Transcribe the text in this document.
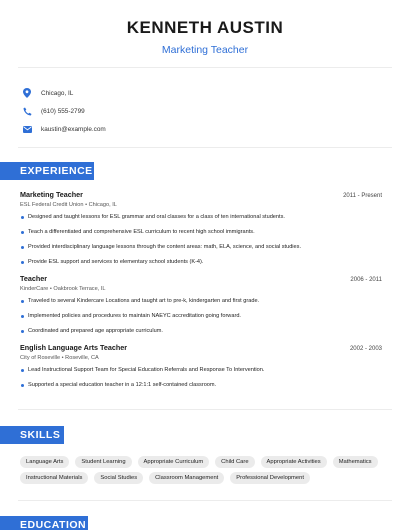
KENNETH AUSTIN
Marketing Teacher
Chicago, IL
(610) 555-2799
kaustin@example.com
EXPERIENCE
Marketing Teacher	2011 - Present
ESL Federal Credit Union • Chicago, IL
Designed and taught lessons for ESL grammar and oral classes for a class of ten international students.
Teach a differentiated and comprehensive ESL curriculum to recent high school immigrants.
Provided interdisciplinary language lessons through the content areas: math, ELA, science, and social studies.
Provide ESL support and services to elementary school students (K-4).
Teacher	2006 - 2011
KinderCare • Oakbrook Terrace, IL
Traveled to several Kindercare Locations and taught art to pre-k, kindergarten and first grade.
Implemented policies and procedures to maintain NAEYC accreditation going forward.
Coordinated and prepared age appropriate curriculum.
English Language Arts Teacher	2002 - 2003
City of Roseville • Roseville, CA
Lead Instructional Support Team for Special Education Referrals and Response To Intervention.
Supported a special education teacher in a 12:1:1 self-contained classroom.
SKILLS
Language Arts	Student Learning	Appropriate Curriculum	Child Care	Appropriate Activities	Mathematics
Instructional Materials	Social Studies	Classroom Management	Professional Development
EDUCATION
